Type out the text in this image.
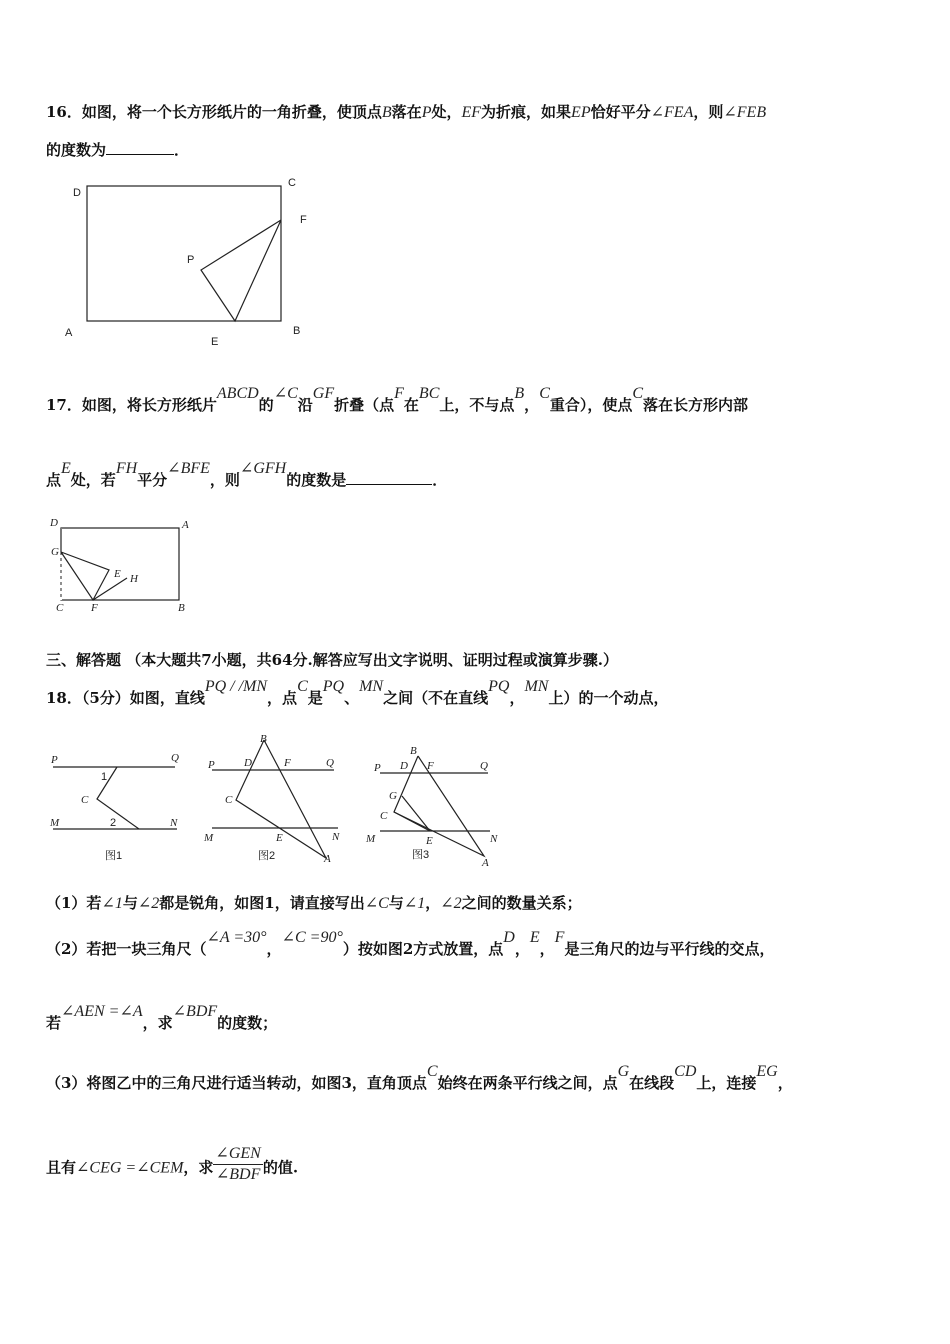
16．如图，将一个长方形纸片的一角折叠，使顶点B落在P处，EF为折痕，如果EP恰好平分∠FEA，则∠FEB
的度数为	．
D
C
F
P
A
E
B
17．如图，将长方形纸片ABCD的∠C沿GF折叠（点F在BC上，不与点B，C重合），使点C落在长方形内部
点E处，若FH平分∠BFE，则∠GFH的度数是	．
D	A
G
E H
C	F	B
三、解答题 （本大题共7小题，共64分.解答应写出文字说明、证明过程或演算步骤.）
18．（5分）如图，直线PQ / /MN，点C是PQ、MN之间（不在直线PQ，MN上）的一个动点，
P	Q
1
C
M	2	N
图1
B
P	D	F	Q
C
M	E	N
A
图2
B
P D F	Q
G
C
M	E	N
A
图3
（1）若∠1与∠2都是锐角，如图1，请直接写出∠C与∠1，∠2之间的数量关系；
（2）若把一块三角尺（∠A =30°，∠C =90°）按如图2方式放置，点D，E，F是三角尺的边与平行线的交点，
若∠AEN =∠A，求∠BDF的度数；
（3）将图乙中的三角尺进行适当转动，如图3，直角顶点C始终在两条平行线之间，点G在线段CD上，连接EG，
且有∠CEG =∠CEM，求 $\frac{\text{∠GEN}}{\text{∠BDF}}$ 的值.
